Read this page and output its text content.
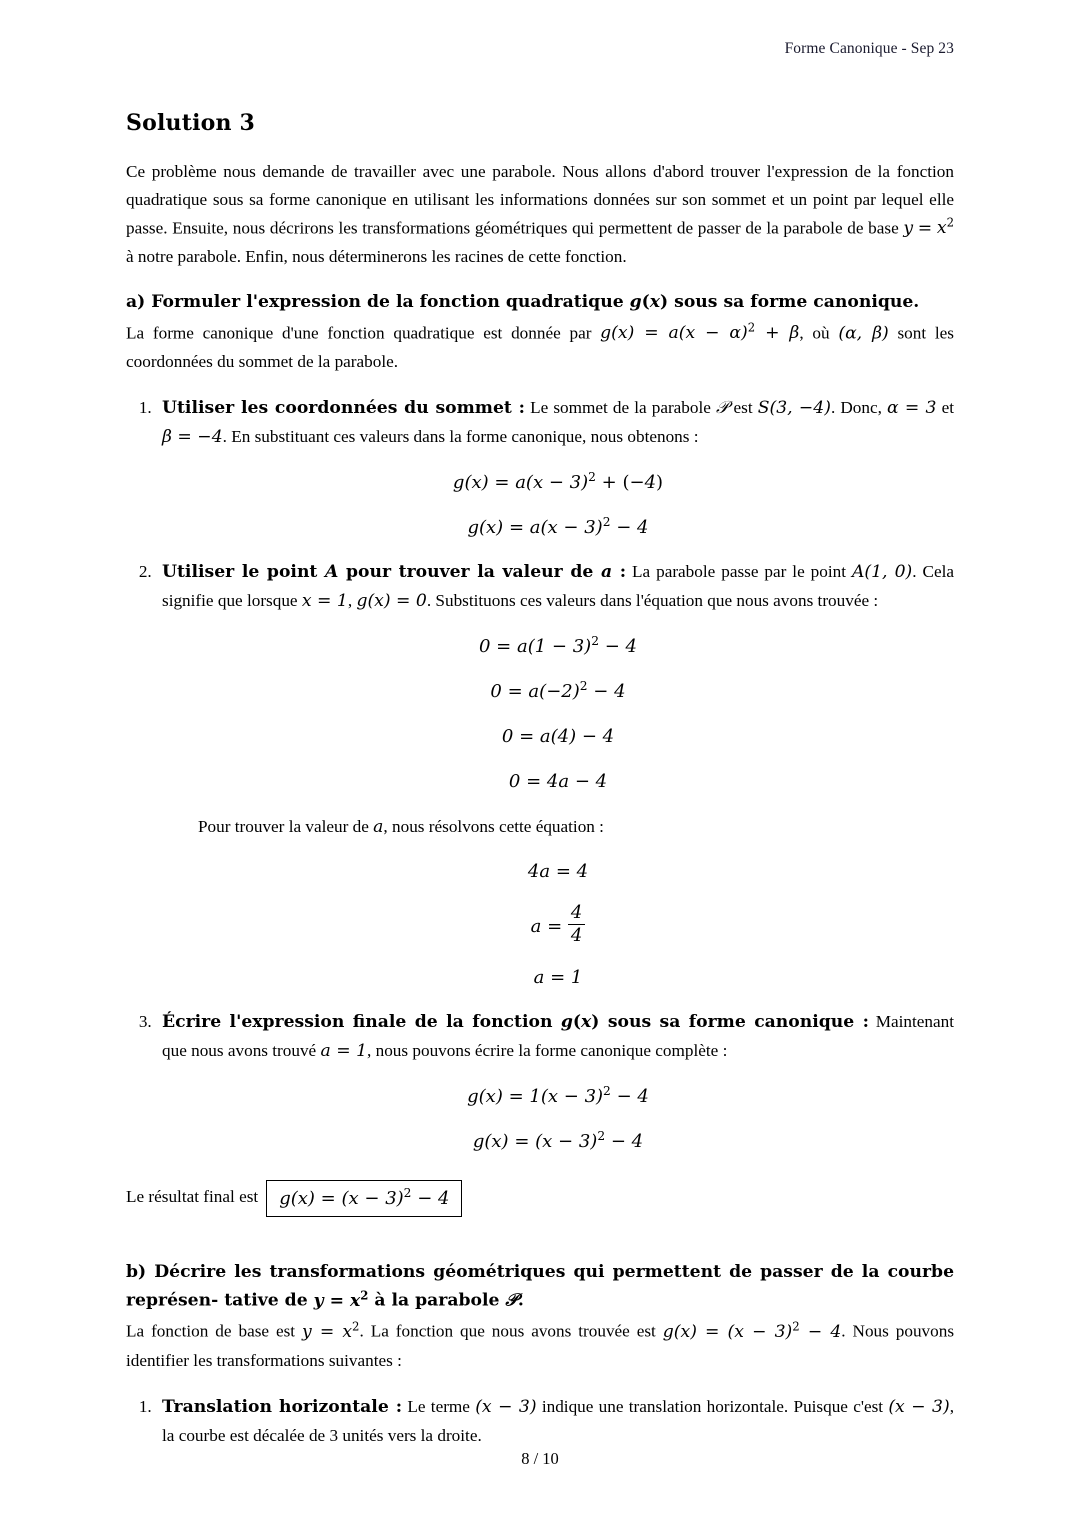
Forme Canonique - Sep 23
Solution 3

Ce problème nous demande de travailler avec une parabole. Nous allons d'abord trouver l'expression de la fonction quadratique sous sa forme canonique en utilisant les informations données sur son sommet et un point par lequel elle passe. Ensuite, nous décrirons les transformations géométriques qui permettent de passer de la parabole de base $y = x^2$ à notre parabole. Enfin, nous déterminerons les racines de cette fonction.

a) Formuler l'expression de la fonction quadratique g(x) sous sa forme canonique.

La forme canonique d'une fonction quadratique est donnée par $g(x) = a(x - \alpha)^2 + \beta$, où (α, β) sont les coordonnées du sommet de la parabole.

1. Utiliser les coordonnées du sommet : Le sommet de la parabole 𝒫 est S(3, −4). Donc, α = 3 et β = −4. En substituant ces valeurs dans la forme canonique, nous obtenons :
$g(x) = a(x - 3)^2 + (-4)$
$g(x) = a(x - 3)^2 - 4$
2. Utiliser le point A pour trouver la valeur de a : La parabole passe par le point A(1, 0). Cela signifie que lorsque x = 1, g(x) = 0. Substituons ces valeurs dans l'équation que nous avons trouvée :
$0 = a(1 - 3)^2 - 4$
$0 = a(-2)^2 - 4$
0 = a(4) − 4
0 = 4a − 4
Pour trouver la valeur de a, nous résolvons cette équation :
4a = 4
$a = \frac{4}{4}$
a = 1
3. Écrire l'expression finale de la fonction g(x) sous sa forme canonique : Maintenant que nous avons trouvé a = 1, nous pouvons écrire la forme canonique complète :
$g(x) = 1(x - 3)^2 - 4$
$g(x) = (x - 3)^2 - 4$
Le résultat final est	$g(x) = (x - 3)^2 - 4$
b) Décrire les transformations géométriques qui permettent de passer de la courbe représen- tative de $y = x^2$ à la parabole 𝒫.

La fonction de base est $y = x^2$. La fonction que nous avons trouvée est $g(x) = (x - 3)^2 - 4$. Nous pouvons identifier les transformations suivantes :

1. Translation horizontale : Le terme (x − 3) indique une translation horizontale. Puisque c'est (x − 3), la courbe est décalée de 3 unités vers la droite.
8 / 10
